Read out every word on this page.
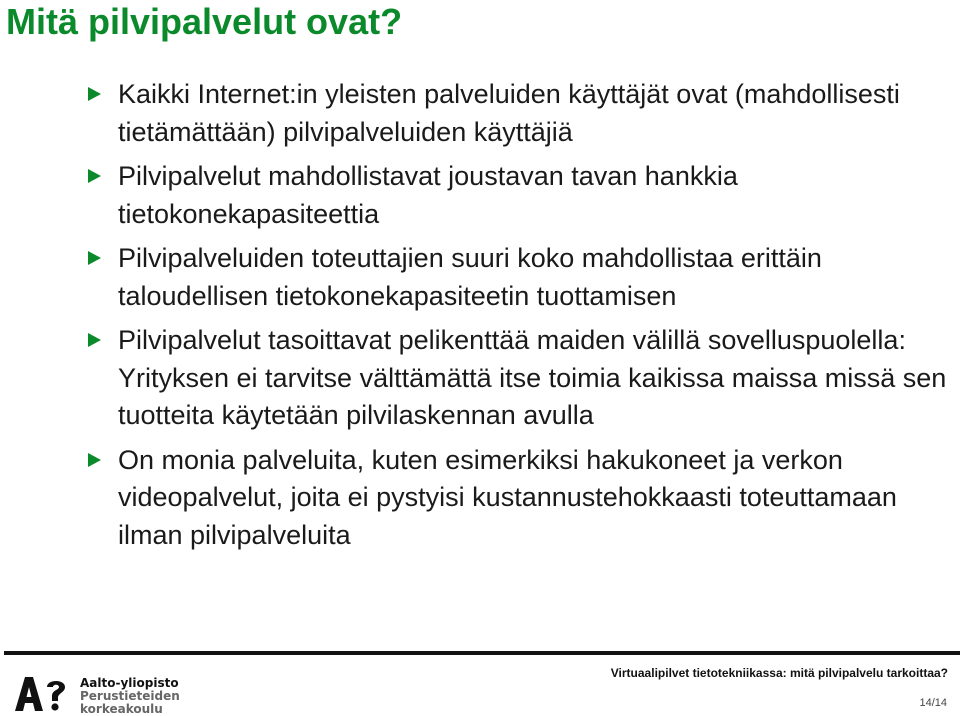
Mitä pilvipalvelut ovat?
Kaikki Internet:in yleisten palveluiden käyttäjät ovat (mahdollisesti tietämättään) pilvipalveluiden käyttäjiä
Pilvipalvelut mahdollistavat joustavan tavan hankkia tietokonekapasiteettia
Pilvipalveluiden toteuttajien suuri koko mahdollistaa erittäin taloudellisen tietokonekapasiteetin tuottamisen
Pilvipalvelut tasoittavat pelikenttää maiden välillä sovelluspuolella: Yrityksen ei tarvitse välttämättä itse toimia kaikissa maissa missä sen tuotteita käytetään pilvilaskennan avulla
On monia palveluita, kuten esimerkiksi hakukoneet ja verkon videopalvelut, joita ei pystyisi kustannustehokkaasti toteuttamaan ilman pilvipalveluita
Aalto-yliopisto
Perustieteiden
korkeakoulu
Virtuaalipilvet tietotekniikassa: mitä pilvipalvelu tarkoittaa?
14/14
